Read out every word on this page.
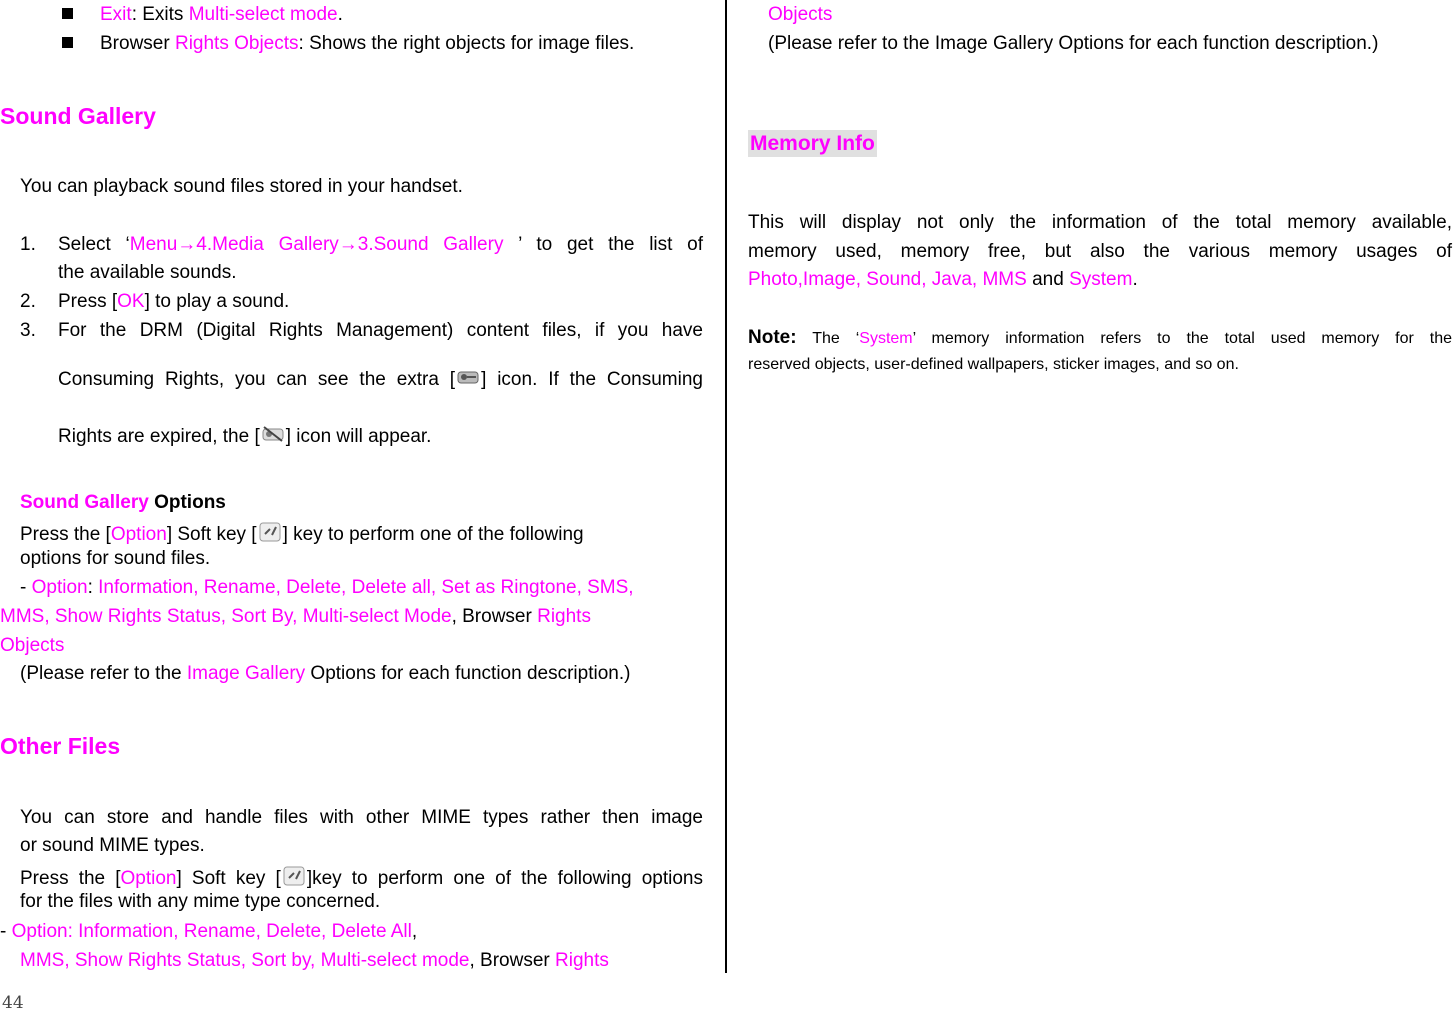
Exit: Exits Multi-select mode.
Browser Rights Objects: Shows the right objects for image files.
Sound Gallery
You can playback sound files stored in your handset.
1. Select ‘Menu→4.Media Gallery→3.Sound Gallery ’ to get the list of
the available sounds.
2. Press [OK] to play a sound.
3. For the DRM (Digital Rights Management) content files, if you have
Consuming Rights, you can see the extra [ ] icon. If the Consuming
Rights are expired, the [ ] icon will appear.
Sound Gallery Options
Press the [Option] Soft key [ ] key to perform one of the following
options for sound files.
- Option: Information, Rename, Delete, Delete all, Set as Ringtone, SMS,
MMS, Show Rights Status, Sort By, Multi-select Mode, Browser Rights
Objects
(Please refer to the Image Gallery Options for each function description.)
Other Files
You can store and handle files with other MIME types rather then image
or sound MIME types.
Press the [Option] Soft key [ ]key to perform one of the following options
for the files with any mime type concerned.
- Option: Information, Rename, Delete, Delete All,
MMS, Show Rights Status, Sort by, Multi-select mode, Browser Rights
Objects
(Please refer to the Image Gallery Options for each function description.)
Memory Info
This will display not only the information of the total memory available,
memory used, memory free, but also the various memory usages of
Photo,Image, Sound, Java, MMS and System.
Note: The ‘System’ memory information refers to the total used memory for the
reserved objects, user-defined wallpapers, sticker images, and so on.
44
